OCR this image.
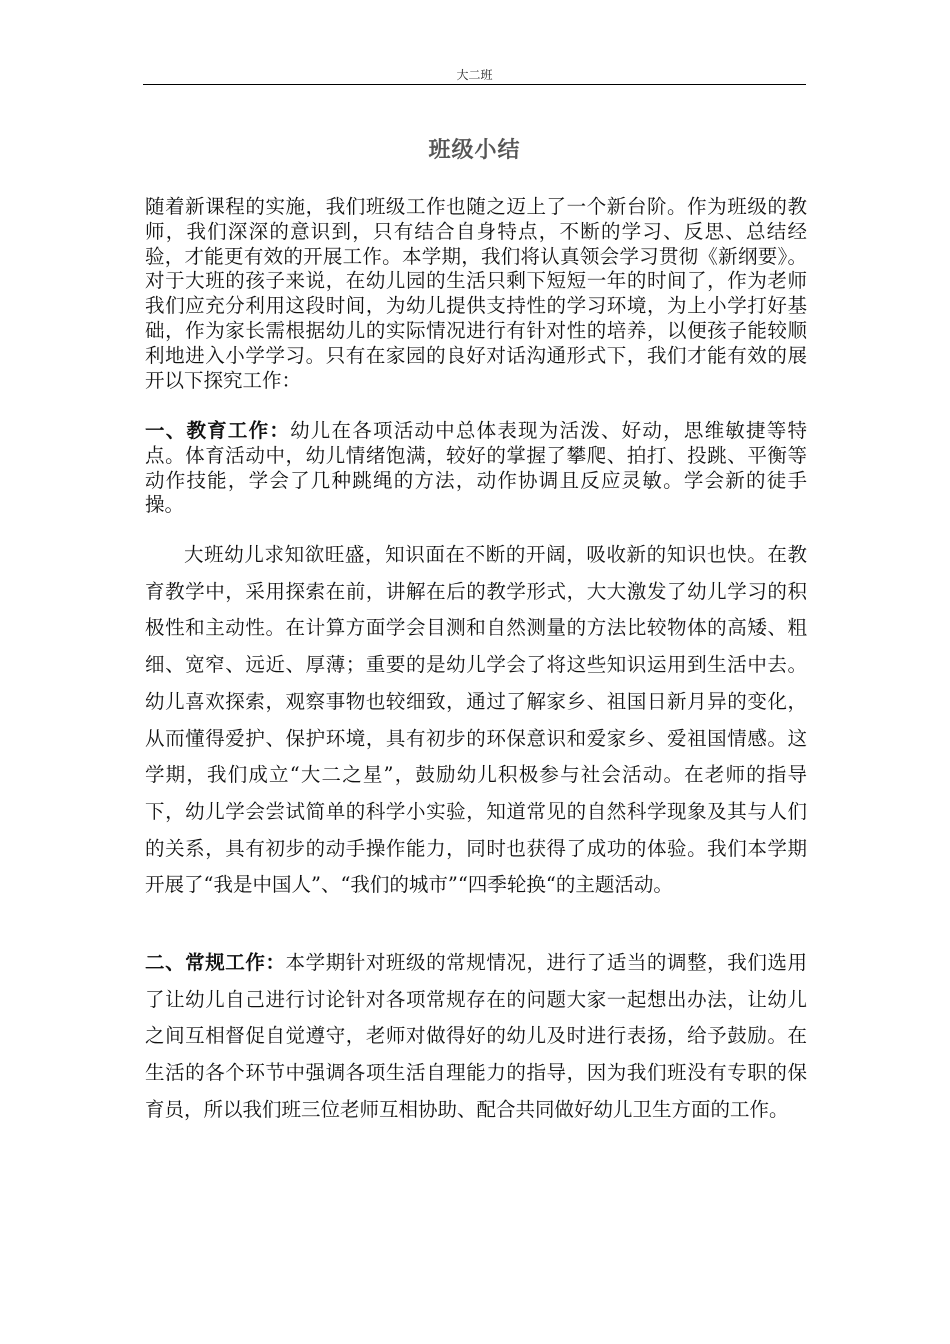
大二班
班级小结

随着新课程的实施，我们班级工作也随之迈上了一个新台阶。作为班级的教师，我们深深的意识到，只有结合自身特点，不断的学习、反思、总结经验，才能更有效的开展工作。本学期，我们将认真领会学习贯彻《新纲要》。对于大班的孩子来说，在幼儿园的生活只剩下短短一年的时间了，作为老师我们应充分利用这段时间，为幼儿提供支持性的学习环境，为上小学打好基础，作为家长需根据幼儿的实际情况进行有针对性的培养，以便孩子能较顺利地进入小学学习。只有在家园的良好对话沟通形式下，我们才能有效的展开以下探究工作：

一、教育工作：幼儿在各项活动中总体表现为活泼、好动，思维敏捷等特点。体育活动中，幼儿情绪饱满，较好的掌握了攀爬、拍打、投跳、平衡等动作技能，学会了几种跳绳的方法，动作协调且反应灵敏。学会新的徒手操。

大班幼儿求知欲旺盛，知识面在不断的开阔，吸收新的知识也快。在教育教学中，采用探索在前，讲解在后的教学形式，大大激发了幼儿学习的积极性和主动性。在计算方面学会目测和自然测量的方法比较物体的高矮、粗细、宽窄、远近、厚薄；重要的是幼儿学会了将这些知识运用到生活中去。幼儿喜欢探索，观察事物也较细致，通过了解家乡、祖国日新月异的变化，从而懂得爱护、保护环境，具有初步的环保意识和爱家乡、爱祖国情感。这学期，我们成立“大二之星”，鼓励幼儿积极参与社会活动。在老师的指导下，幼儿学会尝试简单的科学小实验，知道常见的自然科学现象及其与人们的关系，具有初步的动手操作能力，同时也获得了成功的体验。我们本学期开展了“我是中国人”、“我们的城市”“四季轮换“的主题活动。

二、常规工作：本学期针对班级的常规情况，进行了适当的调整，我们选用了让幼儿自己进行讨论针对各项常规存在的问题大家一起想出办法，让幼儿之间互相督促自觉遵守，老师对做得好的幼儿及时进行表扬，给予鼓励。在生活的各个环节中强调各项生活自理能力的指导，因为我们班没有专职的保育员，所以我们班三位老师互相协助、配合共同做好幼儿卫生方面的工作。
